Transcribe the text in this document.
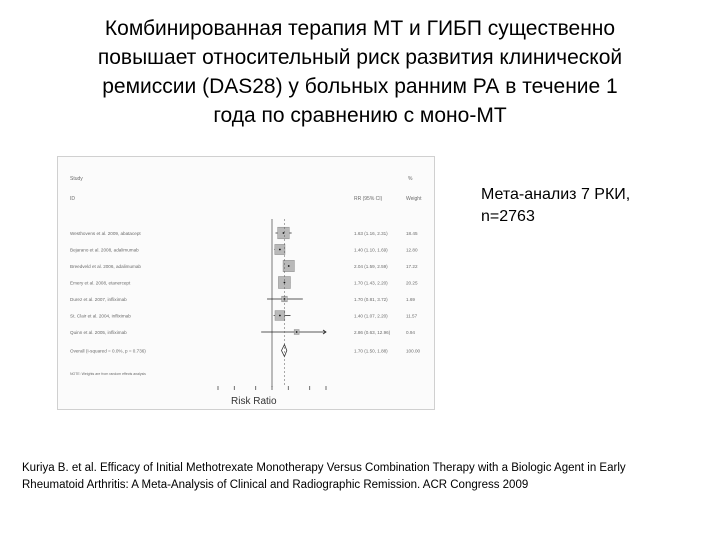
Комбинированная терапия МТ и ГИБП существенно
повышает относительный риск развития клинической
ремиссии (DAS28) у больных ранним РА в течение 1
года по сравнению с моно-МТ
Study
ID	RR (95% CI)
%
Weight
Westhovens et al. 2009, abatacept	1.63 (1.16, 2.31)	18.45
Bejarano et al. 2008, adalimumab	1.40 (1.10, 1.69)	12.80
Breedveld et al. 2006, adalimumab	2.04 (1.59, 2.59)	17.22
Emery et al. 2008, etanercept	1.70 (1.43, 2.20)	20.25
Durez et al. 2007, infliximab	1.70 (0.81, 3.72)	1.69
St. Clair et al. 2004, infliximab	1.40 (1.07, 2.20)	11.57
Quinn et al. 2005, infliximab	2.86 (0.63, 12.96)	0.94
Overall (I-squared = 0.0%, p = 0.736)	1.70 (1.50, 1.88)	100.00
NOTE: Weights are from random effects analysis
Risk Ratio
Мета-анализ 7 РКИ,
n=2763
Kuriya B. et al. Efficacy of Initial Methotrexate Monotherapy Versus Combination Therapy with a Biologic Agent in Early
Rheumatoid Arthritis: A Meta-Analysis of Clinical and Radiographic Remission. ACR Congress 2009
